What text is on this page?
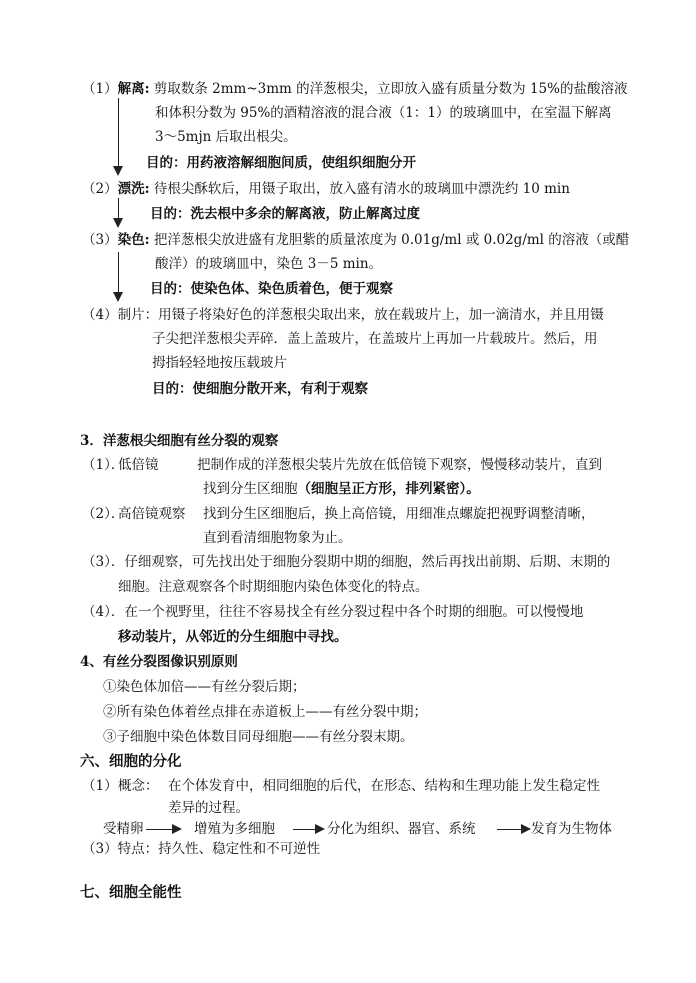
（1）解离: 剪取数条 2mm~3mm 的洋葱根尖，立即放入盛有质量分数为 15%的盐酸溶液
和体积分数为 95%的酒精溶液的混合液（1：1）的玻璃皿中，在室温下解离
3～5mjn 后取出根尖。
目的：用药液溶解细胞间质，使组织细胞分开
（2）漂洗: 待根尖酥软后，用镊子取出，放入盛有清水的玻璃皿中漂洗约 10 min
目的：洗去根中多余的解离液，防止解离过度
（3）染色: 把洋葱根尖放进盛有龙胆紫的质量浓度为 0.01g/ml 或 0.02g/ml 的溶液（或醋
酸洋）的玻璃皿中，染色 3－5 min。
目的：使染色体、染色质着色，便于观察
（4）制片：用镊子将染好色的洋葱根尖取出来，放在载玻片上，加一滴清水，并且用镊
子尖把洋葱根尖弄碎．盖上盖玻片，在盖玻片上再加一片载玻片。然后，用
拇指轻轻地按压载玻片
目的：使细胞分散开来，有利于观察
3．洋葱根尖细胞有丝分裂的观察
（1）．
低倍镜	把制作成的洋葱根尖装片先放在低倍镜下观察，慢慢移动装片，直到
找到分生区细胞（细胞呈正方形，排列紧密）。
（2）．
高倍镜观察 找到分生区细胞后，换上高倍镜，用细准点螺旋把视野调整清晰，
直到看清细胞物象为止。
（3）．仔细观察，可先找出处于细胞分裂期中期的细胞，然后再找出前期、后期、末期的
细胞。注意观察各个时期细胞内染色体变化的特点。
（4）．在一个视野里，往往不容易找全有丝分裂过程中各个时期的细胞。可以慢慢地
移动装片，从邻近的分生细胞中寻找。
4、有丝分裂图像识别原则
①染色体加倍——有丝分裂后期；
②所有染色体着丝点排在赤道板上——有丝分裂中期；
③子细胞中染色体数目同母细胞——有丝分裂末期。
六、细胞的分化
（1） 概念： 在个体发育中，相同细胞的后代，在形态、结构和生理功能上发生稳定性
差异的过程。
受精卵	增殖为多细胞	分化为组织、器官、系统	发育为生物体
（3）特点：持久性、稳定性和不可逆性
七、细胞全能性
